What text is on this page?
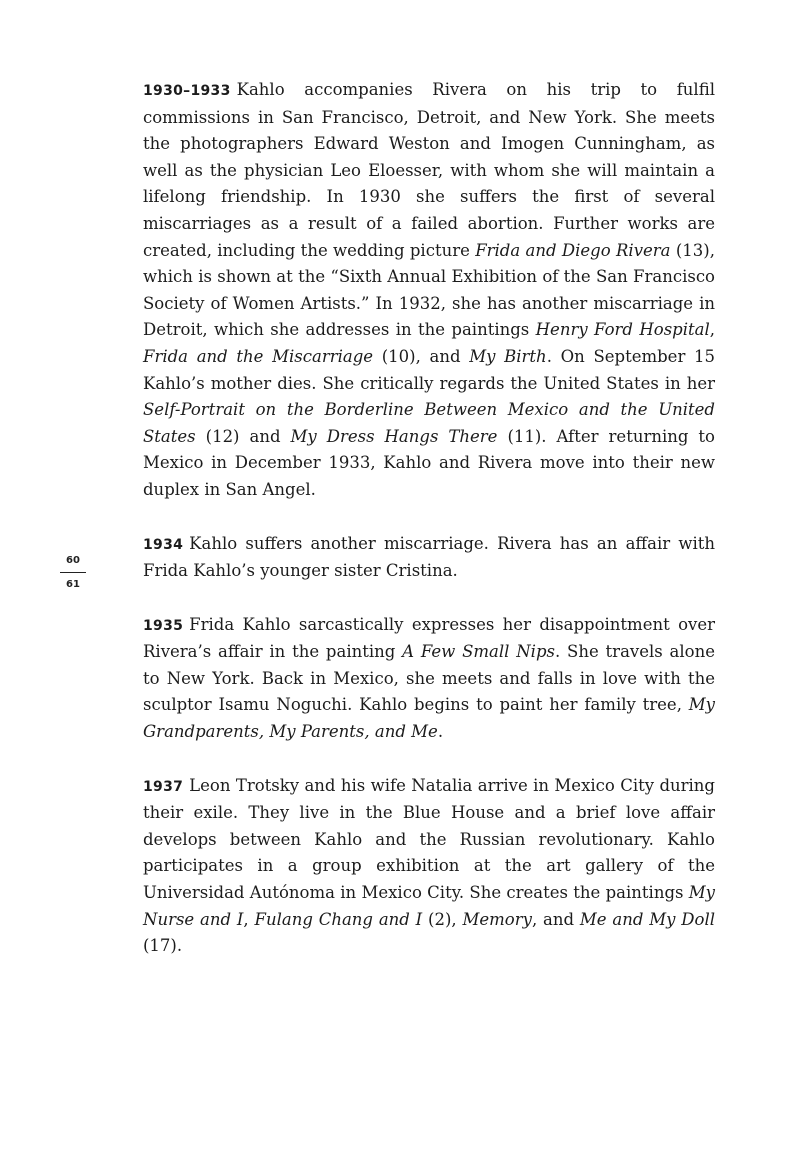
60
61

1930–1933 Kahlo accompanies Rivera on his trip to fulfil commissions in San Francisco, Detroit, and New York. She meets the photographers Edward Weston and Imogen Cunningham, as well as the physician Leo Eloesser, with whom she will maintain a lifelong friendship. In 1930 she suffers the first of several miscarriages as a result of a failed abortion. Further works are created, including the wedding picture Frida and Diego Rivera (13), which is shown at the “Sixth Annual Exhibition of the San Francisco Society of Women Artists.” In 1932, she has another miscarriage in Detroit, which she addresses in the paintings Henry Ford Hospital, Frida and the Miscarriage (10), and My Birth. On September 15 Kahlo’s mother dies. She critically regards the United States in her Self-Portrait on the Borderline Between Mexico and the United States (12) and My Dress Hangs There (11). After returning to Mexico in December 1933, Kahlo and Rivera move into their new duplex in San Angel.

1934 Kahlo suffers another miscarriage. Rivera has an affair with Frida Kahlo’s younger sister Cristina.

1935 Frida Kahlo sarcastically expresses her disappointment over Rivera’s affair in the painting A Few Small Nips. She travels alone to New York. Back in Mexico, she meets and falls in love with the sculptor Isamu Noguchi. Kahlo begins to paint her family tree, My Grandparents, My Parents, and Me.

1937 Leon Trotsky and his wife Natalia arrive in Mexico City during their exile. They live in the Blue House and a brief love affair develops between Kahlo and the Russian revolutionary. Kahlo participates in a group exhibition at the art gallery of the Universidad Autónoma in Mexico City. She creates the paintings My Nurse and I, Fulang Chang and I (2), Memory, and Me and My Doll (17).
